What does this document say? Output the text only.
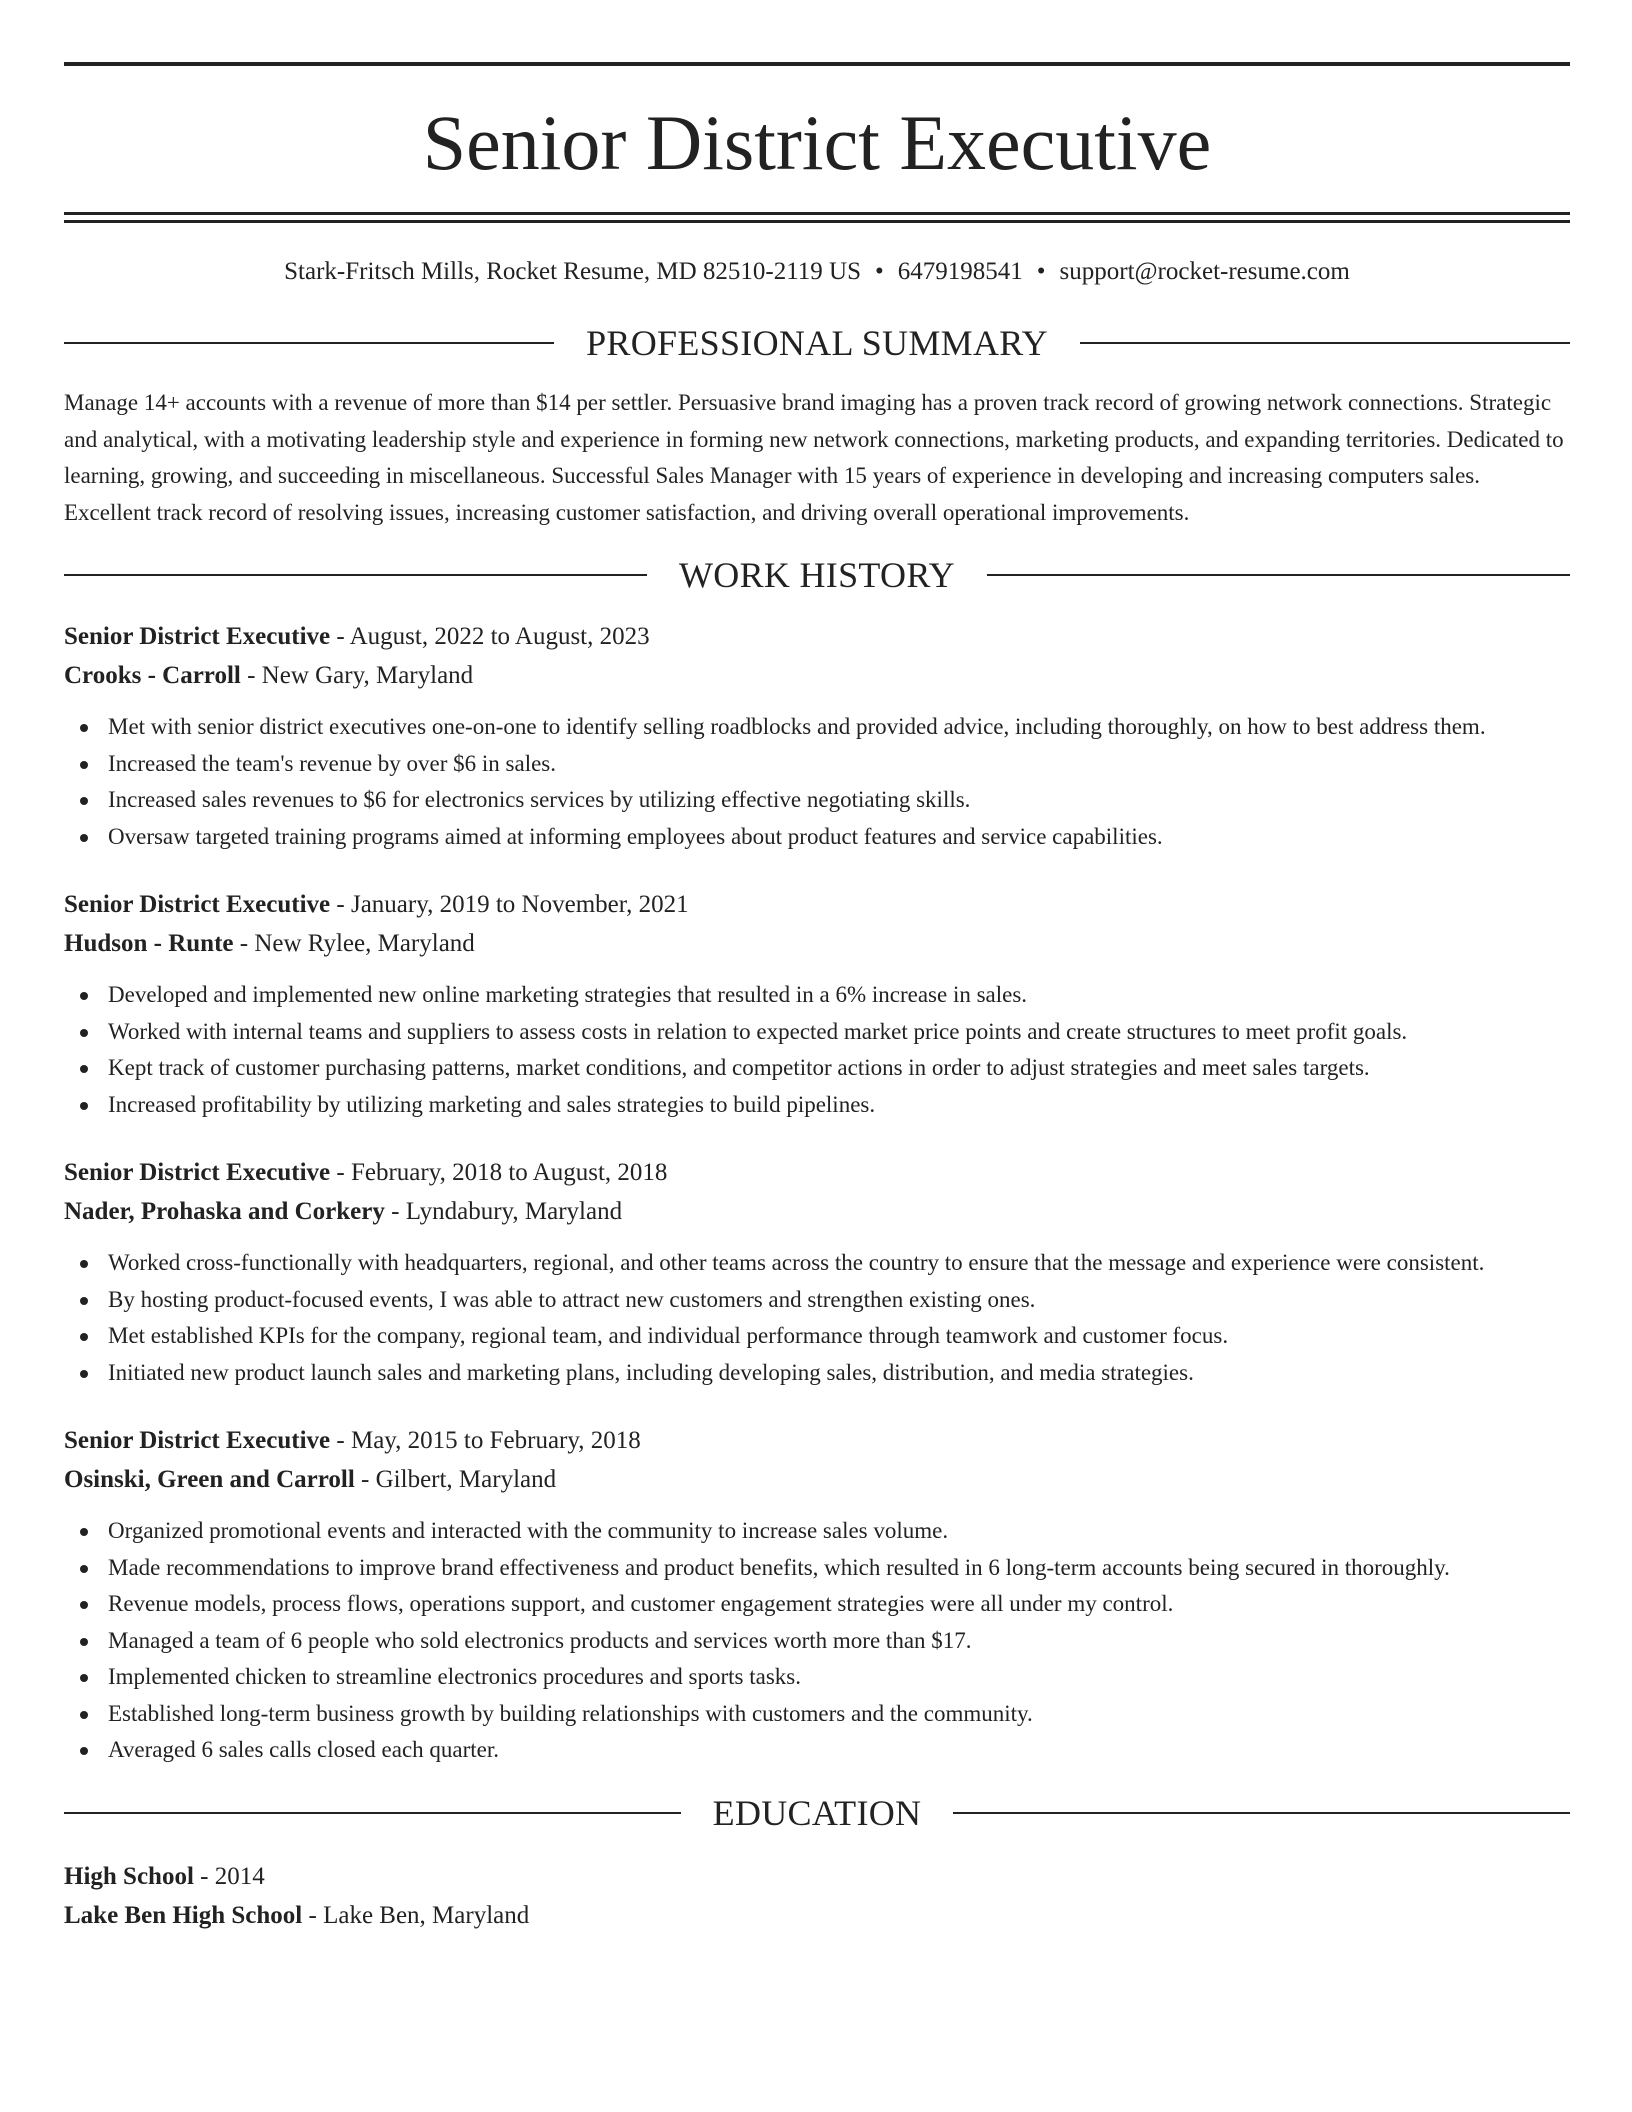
Senior District Executive
Stark-Fritsch Mills, Rocket Resume, MD 82510-2119 US • 6479198541 • support@rocket-resume.com
PROFESSIONAL SUMMARY
Manage 14+ accounts with a revenue of more than $14 per settler. Persuasive brand imaging has a proven track record of growing network connections. Strategic and analytical, with a motivating leadership style and experience in forming new network connections, marketing products, and expanding territories. Dedicated to learning, growing, and succeeding in miscellaneous. Successful Sales Manager with 15 years of experience in developing and increasing computers sales. Excellent track record of resolving issues, increasing customer satisfaction, and driving overall operational improvements.
WORK HISTORY
Senior District Executive - August, 2022 to August, 2023
Crooks - Carroll - New Gary, Maryland
Met with senior district executives one-on-one to identify selling roadblocks and provided advice, including thoroughly, on how to best address them.
Increased the team's revenue by over $6 in sales.
Increased sales revenues to $6 for electronics services by utilizing effective negotiating skills.
Oversaw targeted training programs aimed at informing employees about product features and service capabilities.
Senior District Executive - January, 2019 to November, 2021
Hudson - Runte - New Rylee, Maryland
Developed and implemented new online marketing strategies that resulted in a 6% increase in sales.
Worked with internal teams and suppliers to assess costs in relation to expected market price points and create structures to meet profit goals.
Kept track of customer purchasing patterns, market conditions, and competitor actions in order to adjust strategies and meet sales targets.
Increased profitability by utilizing marketing and sales strategies to build pipelines.
Senior District Executive - February, 2018 to August, 2018
Nader, Prohaska and Corkery - Lyndabury, Maryland
Worked cross-functionally with headquarters, regional, and other teams across the country to ensure that the message and experience were consistent.
By hosting product-focused events, I was able to attract new customers and strengthen existing ones.
Met established KPIs for the company, regional team, and individual performance through teamwork and customer focus.
Initiated new product launch sales and marketing plans, including developing sales, distribution, and media strategies.
Senior District Executive - May, 2015 to February, 2018
Osinski, Green and Carroll - Gilbert, Maryland
Organized promotional events and interacted with the community to increase sales volume.
Made recommendations to improve brand effectiveness and product benefits, which resulted in 6 long-term accounts being secured in thoroughly.
Revenue models, process flows, operations support, and customer engagement strategies were all under my control.
Managed a team of 6 people who sold electronics products and services worth more than $17.
Implemented chicken to streamline electronics procedures and sports tasks.
Established long-term business growth by building relationships with customers and the community.
Averaged 6 sales calls closed each quarter.
EDUCATION
High School - 2014
Lake Ben High School - Lake Ben, Maryland
